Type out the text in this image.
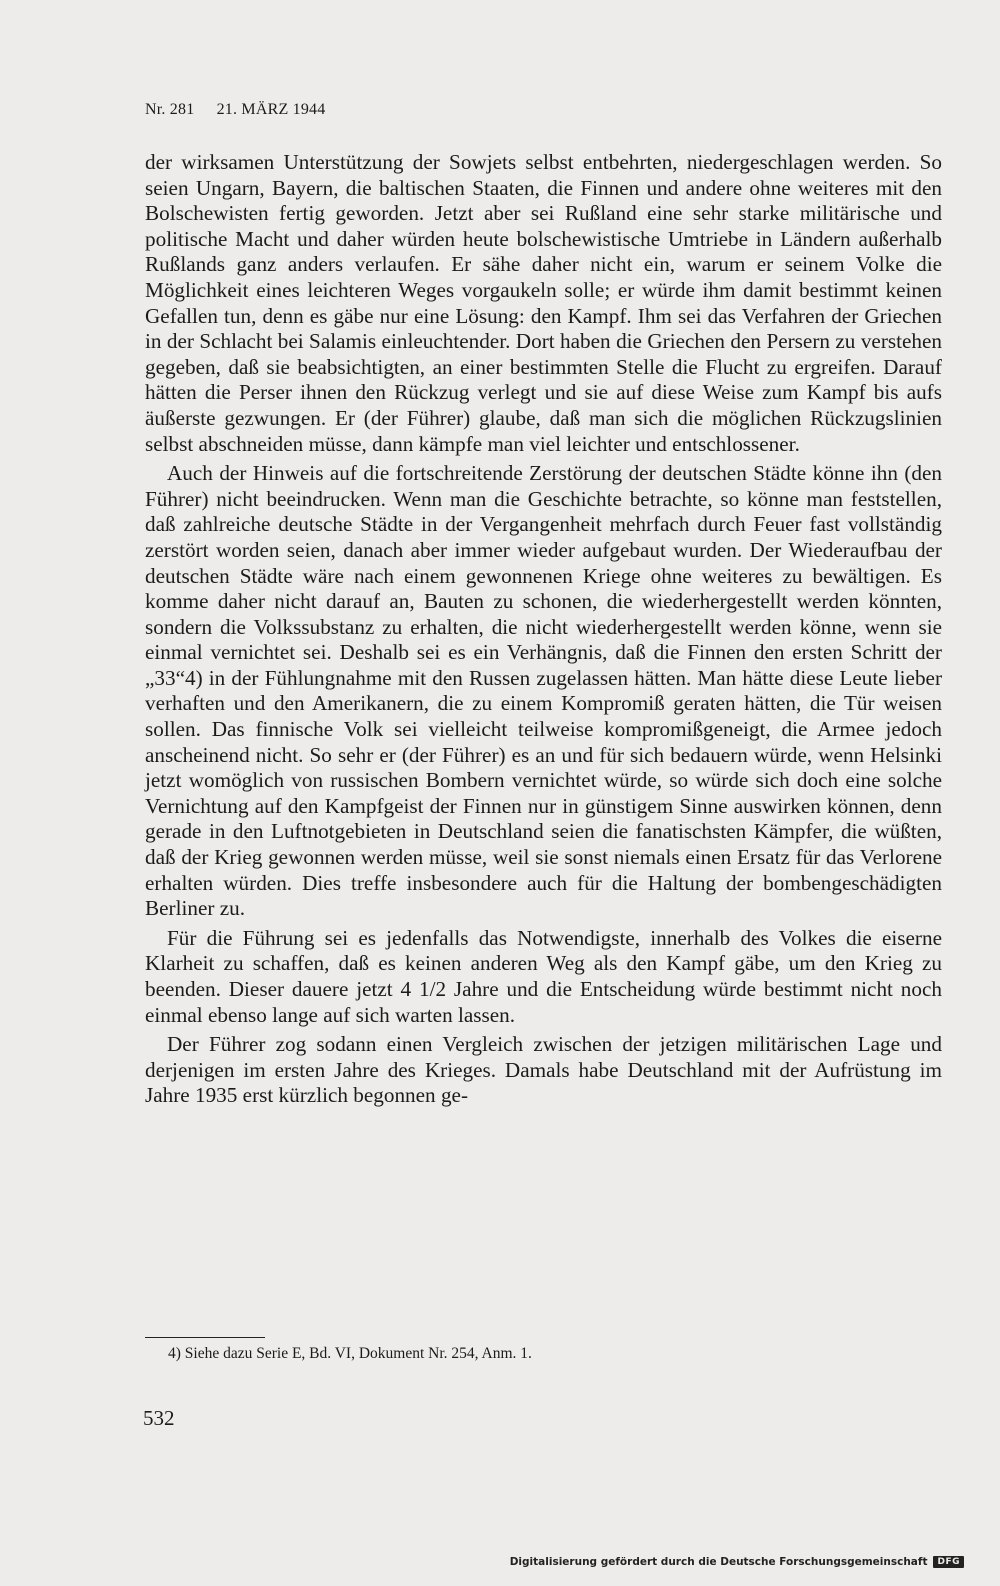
Nr. 281 21. MÄRZ 1944

der wirksamen Unterstützung der Sowjets selbst entbehrten, niedergeschlagen werden. So seien Ungarn, Bayern, die baltischen Staaten, die Finnen und andere ohne weiteres mit den Bolschewisten fertig geworden. Jetzt aber sei Rußland eine sehr starke militärische und politische Macht und daher würden heute bolschewistische Umtriebe in Ländern außerhalb Rußlands ganz anders verlaufen. Er sähe daher nicht ein, warum er seinem Volke die Möglichkeit eines leichteren Weges vorgaukeln solle; er würde ihm damit bestimmt keinen Gefallen tun, denn es gäbe nur eine Lösung: den Kampf. Ihm sei das Verfahren der Griechen in der Schlacht bei Salamis einleuchtender. Dort haben die Griechen den Persern zu verstehen gegeben, daß sie beabsichtigten, an einer bestimmten Stelle die Flucht zu ergreifen. Darauf hätten die Perser ihnen den Rückzug verlegt und sie auf diese Weise zum Kampf bis aufs äußerste gezwungen. Er (der Führer) glaube, daß man sich die möglichen Rückzugslinien selbst abschneiden müsse, dann kämpfe man viel leichter und entschlossener.

Auch der Hinweis auf die fortschreitende Zerstörung der deutschen Städte könne ihn (den Führer) nicht beeindrucken. Wenn man die Geschichte betrachte, so könne man feststellen, daß zahlreiche deutsche Städte in der Vergangenheit mehrfach durch Feuer fast vollständig zerstört worden seien, danach aber immer wieder aufgebaut wurden. Der Wiederaufbau der deutschen Städte wäre nach einem gewonnenen Kriege ohne weiteres zu bewältigen. Es komme daher nicht darauf an, Bauten zu schonen, die wiederhergestellt werden könnten, sondern die Volkssubstanz zu erhalten, die nicht wiederhergestellt werden könne, wenn sie einmal vernichtet sei. Deshalb sei es ein Verhängnis, daß die Finnen den ersten Schritt der „33“4) in der Fühlungnahme mit den Russen zugelassen hätten. Man hätte diese Leute lieber verhaften und den Amerikanern, die zu einem Kompromiß geraten hätten, die Tür weisen sollen. Das finnische Volk sei vielleicht teilweise kompromißgeneigt, die Armee jedoch anscheinend nicht. So sehr er (der Führer) es an und für sich bedauern würde, wenn Helsinki jetzt womöglich von russischen Bombern vernichtet würde, so würde sich doch eine solche Vernichtung auf den Kampfgeist der Finnen nur in günstigem Sinne auswirken können, denn gerade in den Luftnotgebieten in Deutschland seien die fanatischsten Kämpfer, die wüßten, daß der Krieg gewonnen werden müsse, weil sie sonst niemals einen Ersatz für das Verlorene erhalten würden. Dies treffe insbesondere auch für die Haltung der bombengeschädigten Berliner zu.

Für die Führung sei es jedenfalls das Notwendigste, innerhalb des Volkes die eiserne Klarheit zu schaffen, daß es keinen anderen Weg als den Kampf gäbe, um den Krieg zu beenden. Dieser dauere jetzt 4 1/2 Jahre und die Entscheidung würde bestimmt nicht noch einmal ebenso lange auf sich warten lassen.

Der Führer zog sodann einen Vergleich zwischen der jetzigen militärischen Lage und derjenigen im ersten Jahre des Krieges. Damals habe Deutschland mit der Aufrüstung im Jahre 1935 erst kürzlich begonnen ge-

4) Siehe dazu Serie E, Bd. VI, Dokument Nr. 254, Anm. 1.
532
Digitalisierung gefördert durch die Deutsche Forschungsgemeinschaft	DFG
